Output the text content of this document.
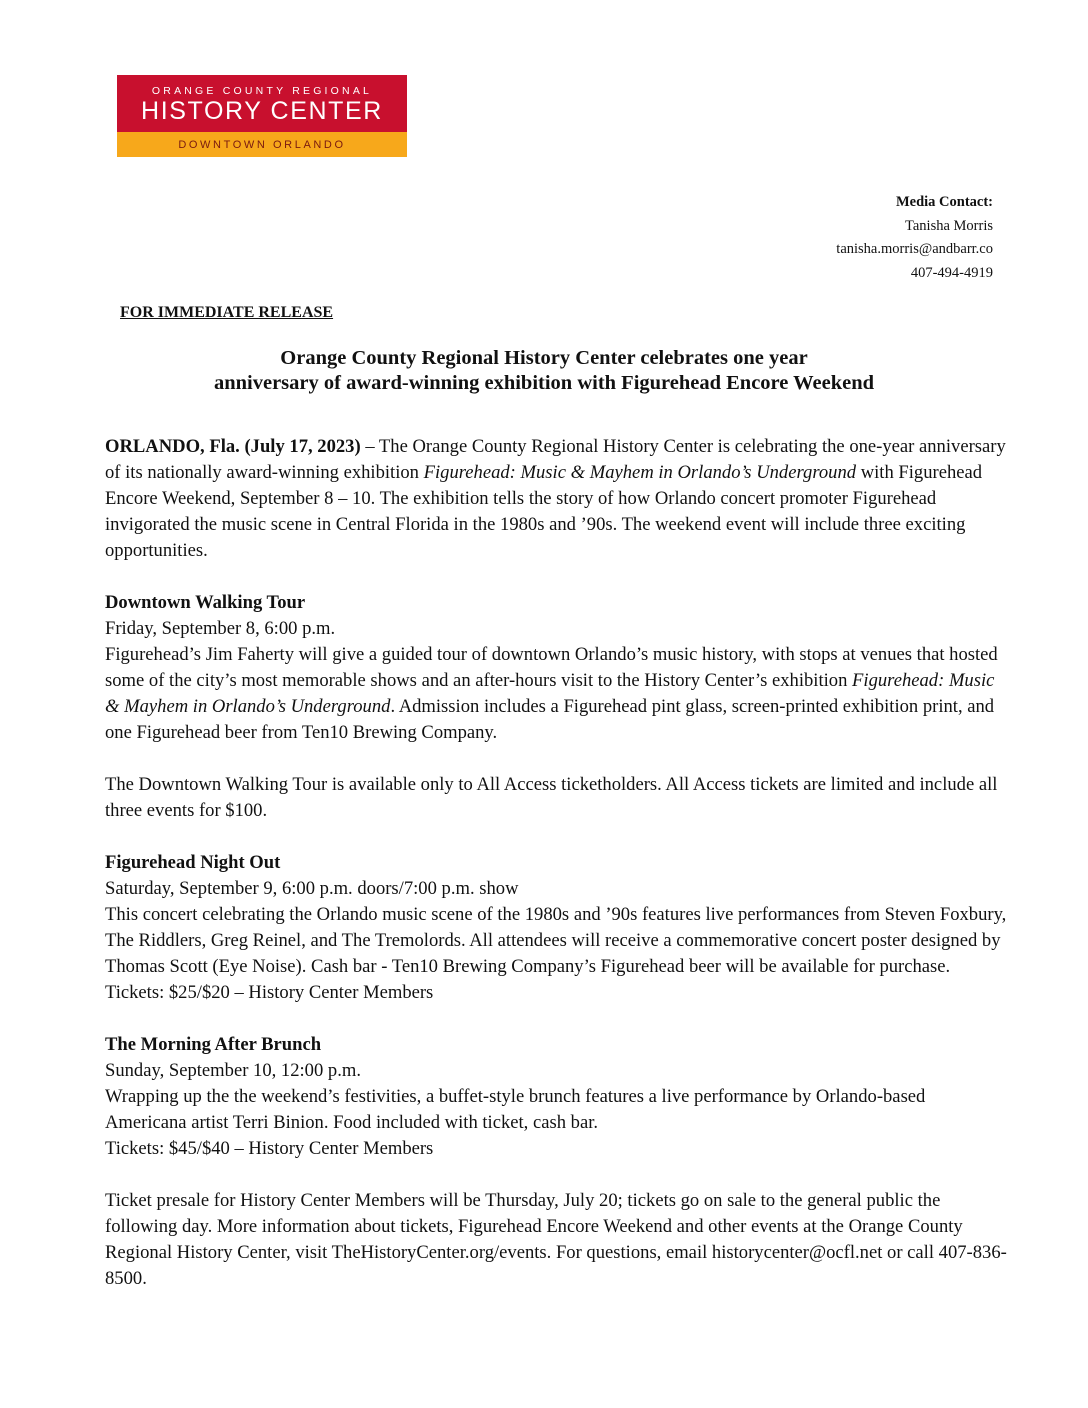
ORANGE COUNTY REGIONAL
HISTORY CENTER
DOWNTOWN ORLANDO
Media Contact:
Tanisha Morris
tanisha.morris@andbarr.co
407-494-4919
FOR IMMEDIATE RELEASE
Orange County Regional History Center celebrates one year
anniversary of award-winning exhibition with Figurehead Encore Weekend

ORLANDO, Fla. (July 17, 2023) – The Orange County Regional History Center is celebrating the one-year anniversary of its nationally award-winning exhibition Figurehead: Music & Mayhem in Orlando’s Underground with Figurehead Encore Weekend, September 8 – 10. The exhibition tells the story of how Orlando concert promoter Figurehead invigorated the music scene in Central Florida in the 1980s and ’90s. The weekend event will include three exciting opportunities.

Downtown Walking Tour
Friday, September 8, 6:00 p.m.
Figurehead’s Jim Faherty will give a guided tour of downtown Orlando’s music history, with stops at venues that hosted some of the city’s most memorable shows and an after-hours visit to the History Center’s exhibition Figurehead: Music & Mayhem in Orlando’s Underground. Admission includes a Figurehead pint glass, screen-printed exhibition print, and one Figurehead beer from Ten10 Brewing Company.

The Downtown Walking Tour is available only to All Access ticketholders. All Access tickets are limited and include all three events for $100.

Figurehead Night Out
Saturday, September 9, 6:00 p.m. doors/7:00 p.m. show
This concert celebrating the Orlando music scene of the 1980s and ’90s features live performances from Steven Foxbury, The Riddlers, Greg Reinel, and The Tremolords. All attendees will receive a commemorative concert poster designed by Thomas Scott (Eye Noise). Cash bar - Ten10 Brewing Company’s Figurehead beer will be available for purchase.
Tickets: $25/$20 – History Center Members

The Morning After Brunch
Sunday, September 10, 12:00 p.m.
Wrapping up the the weekend’s festivities, a buffet-style brunch features a live performance by Orlando-based Americana artist Terri Binion. Food included with ticket, cash bar.
Tickets: $45/$40 – History Center Members

Ticket presale for History Center Members will be Thursday, July 20; tickets go on sale to the general public the following day. More information about tickets, Figurehead Encore Weekend and other events at the Orange County Regional History Center, visit TheHistoryCenter.org/events. For questions, email historycenter@ocfl.net or call 407-836-8500.
